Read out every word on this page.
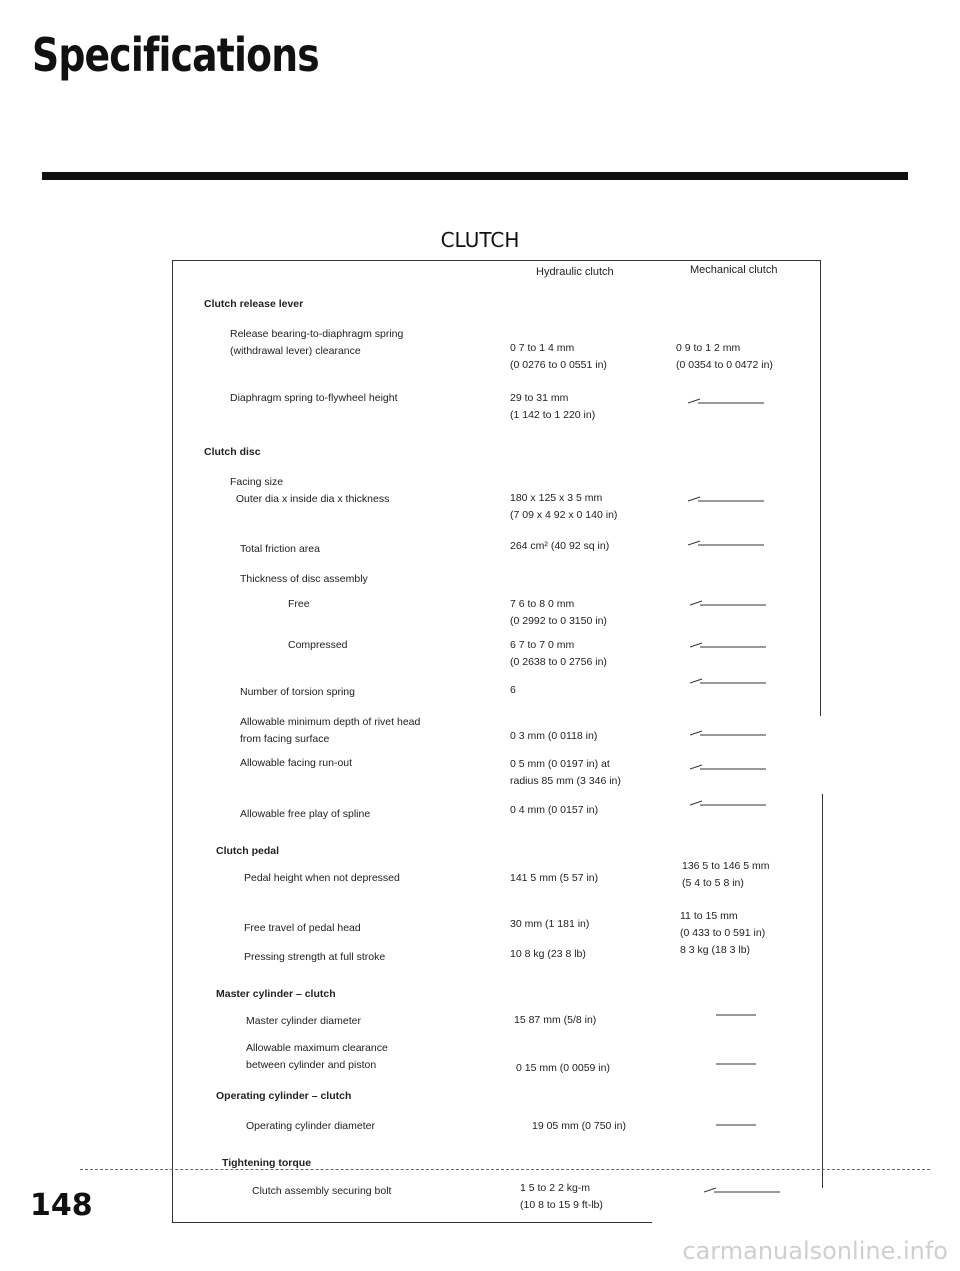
Specifications
CLUTCH
Hydraulic clutch	Mechanical clutch
Clutch release lever
Release bearing-to-diaphragm spring
(withdrawal lever) clearance
Diaphragm spring to-flywheel height
Clutch disc
Facing size
Outer dia x inside dia x thickness
Total friction area
Thickness of disc assembly
Free
Compressed
Number of torsion spring
Allowable minimum depth of rivet head
from facing surface
Allowable facing run-out
Allowable free play of spline
Clutch pedal
Pedal height when not depressed
Free travel of pedal head
Pressing strength at full stroke
Master cylinder – clutch
Master cylinder diameter
Allowable maximum clearance
between cylinder and piston
Operating cylinder – clutch
Operating cylinder diameter
Tightening torque
Clutch assembly securing bolt
0 7 to 1 4 mm
(0 0276 to 0 0551 in)
29 to 31 mm
(1 142 to 1 220 in)
180 x 125 x 3 5 mm
(7 09 x 4 92 x 0 140 in)
264 cm² (40 92 sq in)
7 6 to 8 0 mm
(0 2992 to 0 3150 in)
6 7 to 7 0 mm
(0 2638 to 0 2756 in)
6
0 3 mm (0 0118 in)
0 5 mm (0 0197 in) at
radius 85 mm (3 346 in)
0 4 mm (0 0157 in)
141 5 mm (5 57 in)
30 mm (1 181 in)
10 8 kg (23 8 lb)
15 87 mm (5/8 in)
0 15 mm (0 0059 in)
19 05 mm (0 750 in)
1 5 to 2 2 kg-m
(10 8 to 15 9 ft-lb)
0 9 to 1 2 mm
(0 0354 to 0 0472 in)
136 5 to 146 5 mm
(5 4 to 5 8 in)
11 to 15 mm
(0 433 to 0 591 in)
8 3 kg (18 3 lb)
148
carmanualsonline.info
